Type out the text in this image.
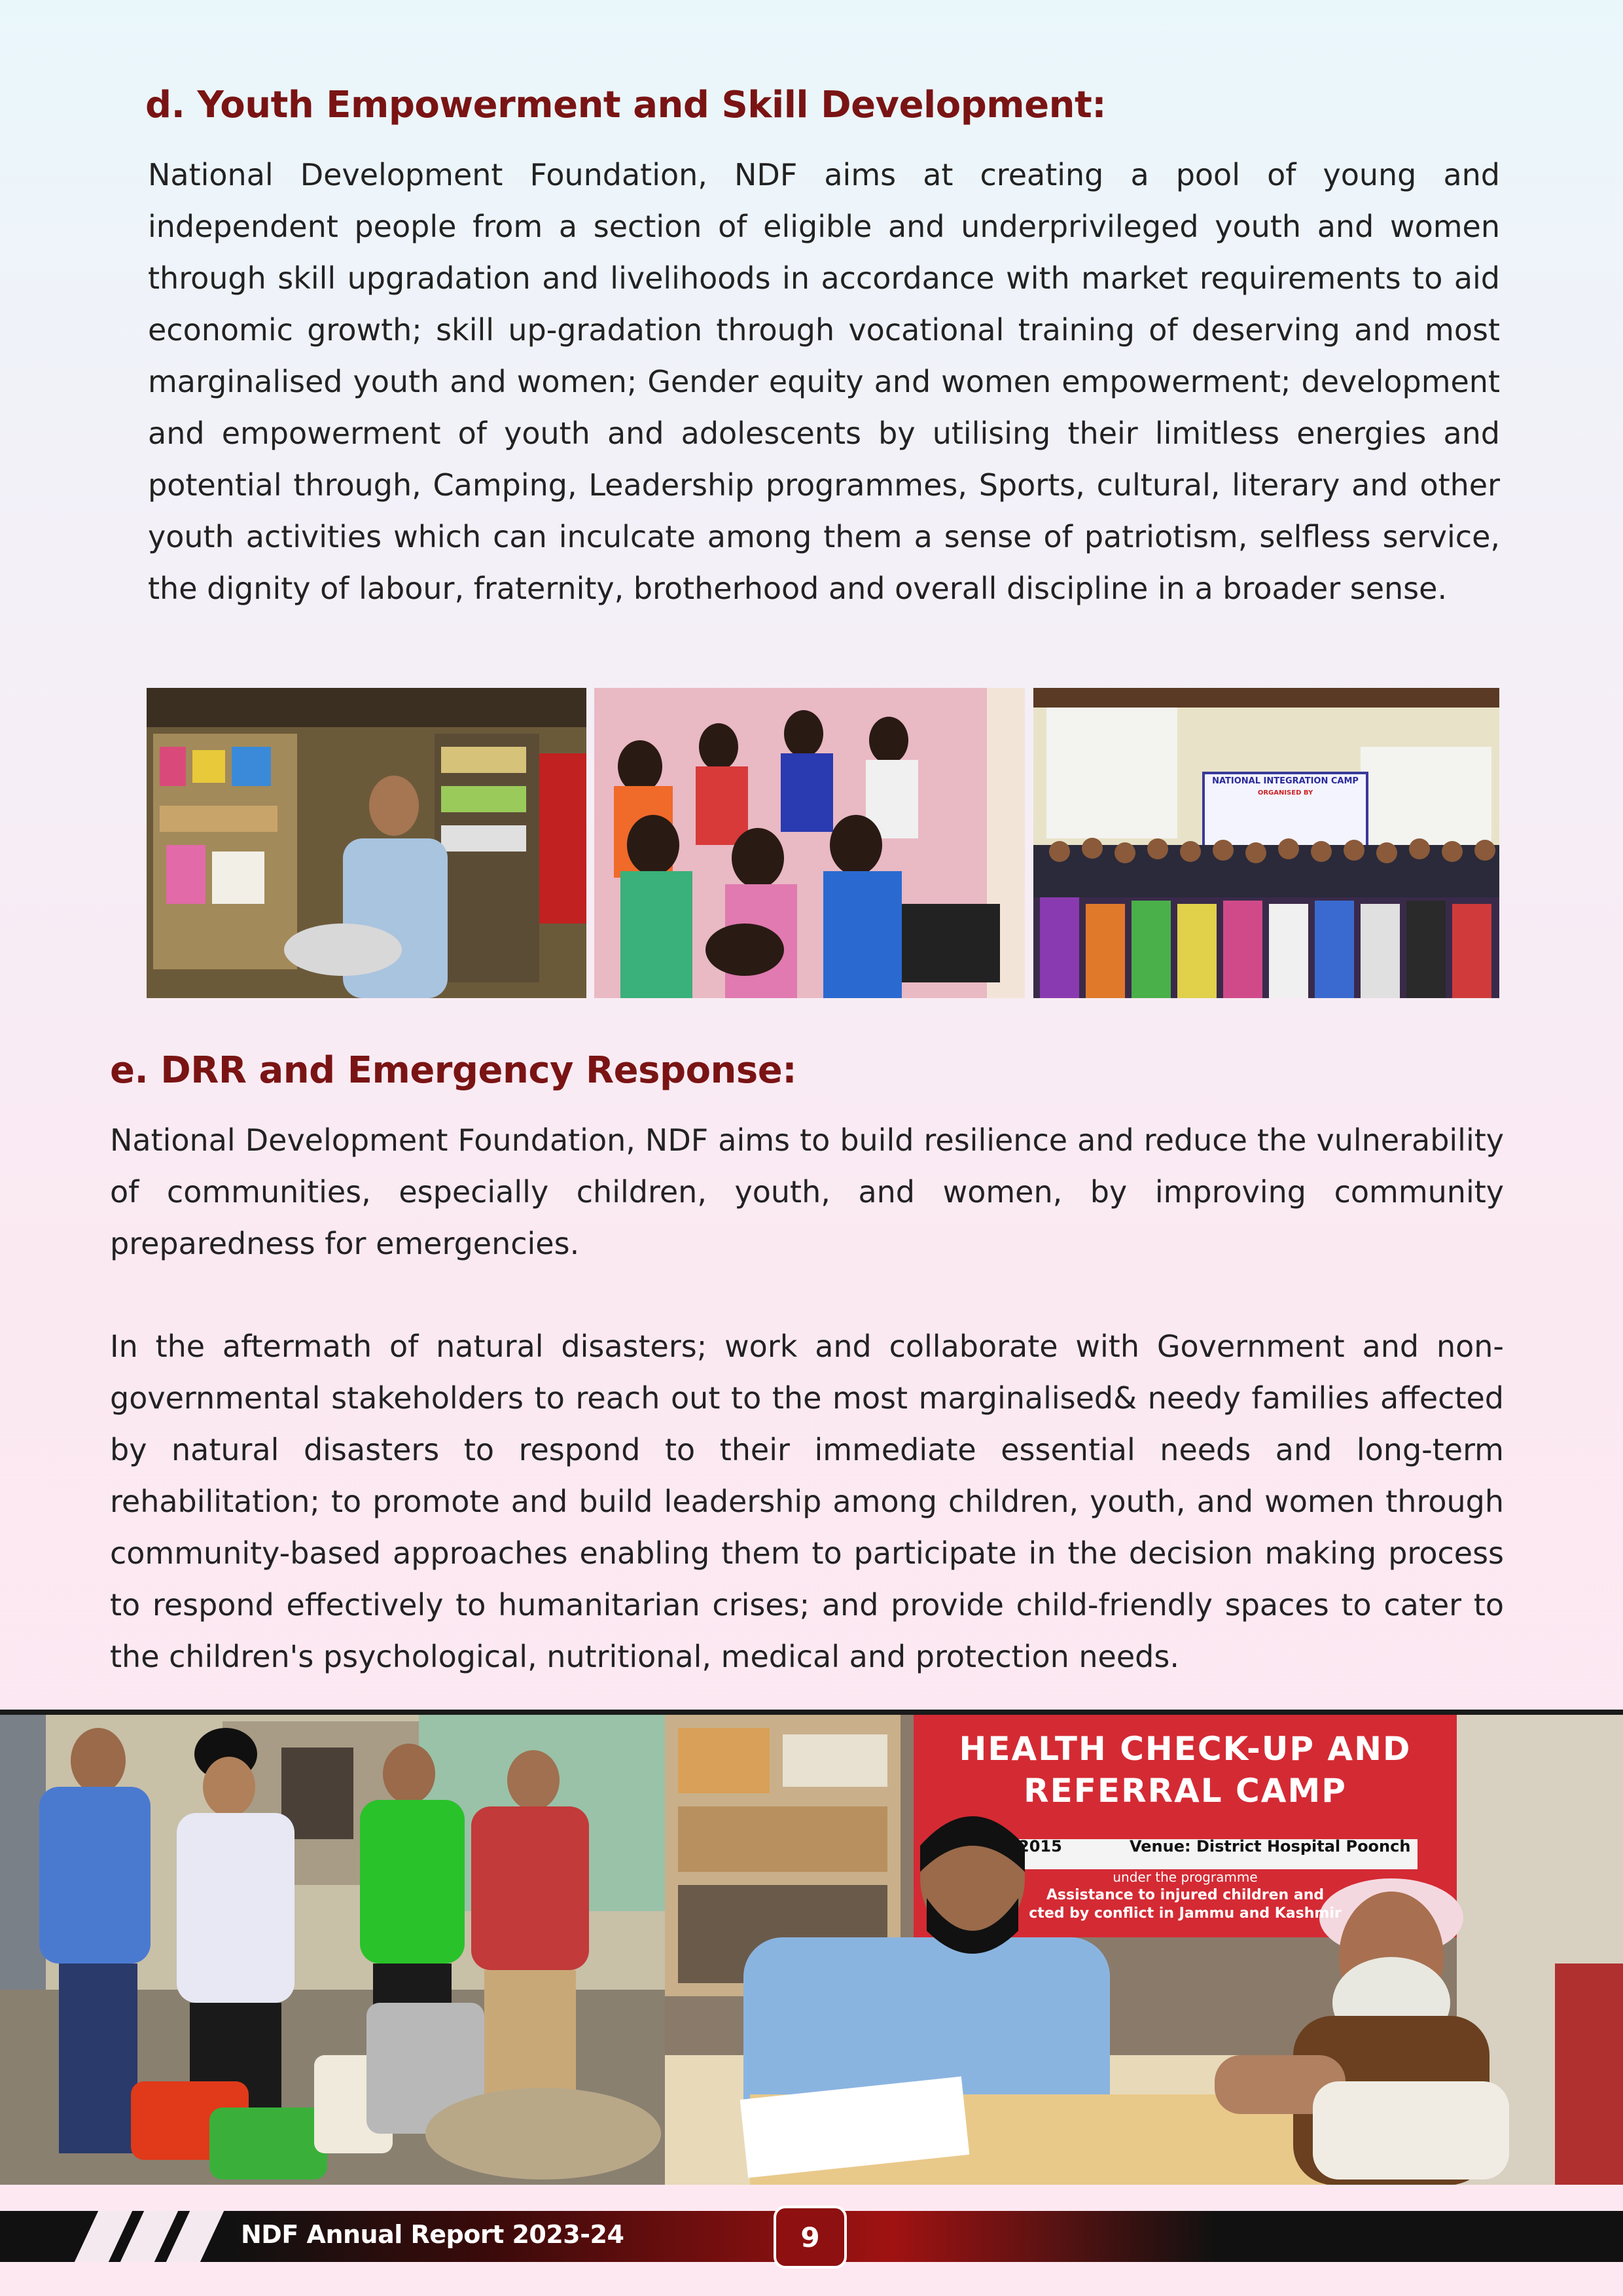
d. Youth Empowerment and Skill Development:

National Development Foundation, NDF aims at creating a pool of young and independent people from a section of eligible and underprivileged youth and women through skill upgradation and livelihoods in accordance with market requirements to aid economic growth; skill up-gradation through vocational training of deserving and most marginalised youth and women; Gender equity and women empowerment; development and empowerment of youth and adolescents by utilising their limitless energies and potential through, Camping, Leadership programmes, Sports, cultural, literary and other youth activities which can inculcate among them a sense of patriotism, selfless service, the dignity of labour, fraternity, brotherhood and overall discipline in a broader sense.

NATIONAL INTEGRATION CAMP
ORGANISED BY
e. DRR and Emergency Response:

National Development Foundation, NDF aims to build resilience and reduce the vulnerability of communities, especially children, youth, and women, by improving community preparedness for emergencies.

In the aftermath of natural disasters; work and collaborate with Government and non-governmental stakeholders to reach out to the most marginalised& needy families affected by natural disasters to respond to their immediate essential needs and long-term rehabilitation; to promote and build leadership among children, youth, and women through community-based approaches enabling them to participate in the decision making process to respond effectively to humanitarian crises; and provide child-friendly spaces to cater to the children's psychological, nutritional, medical and protection needs.

HEALTH CHECK-UP AND
REFERRAL CAMP
2015	Venue: District Hospital Poonch
under the programme
Assistance to injured children and
cted by conflict in Jammu and Kashmir

NDF Annual Report 2023-24	9
